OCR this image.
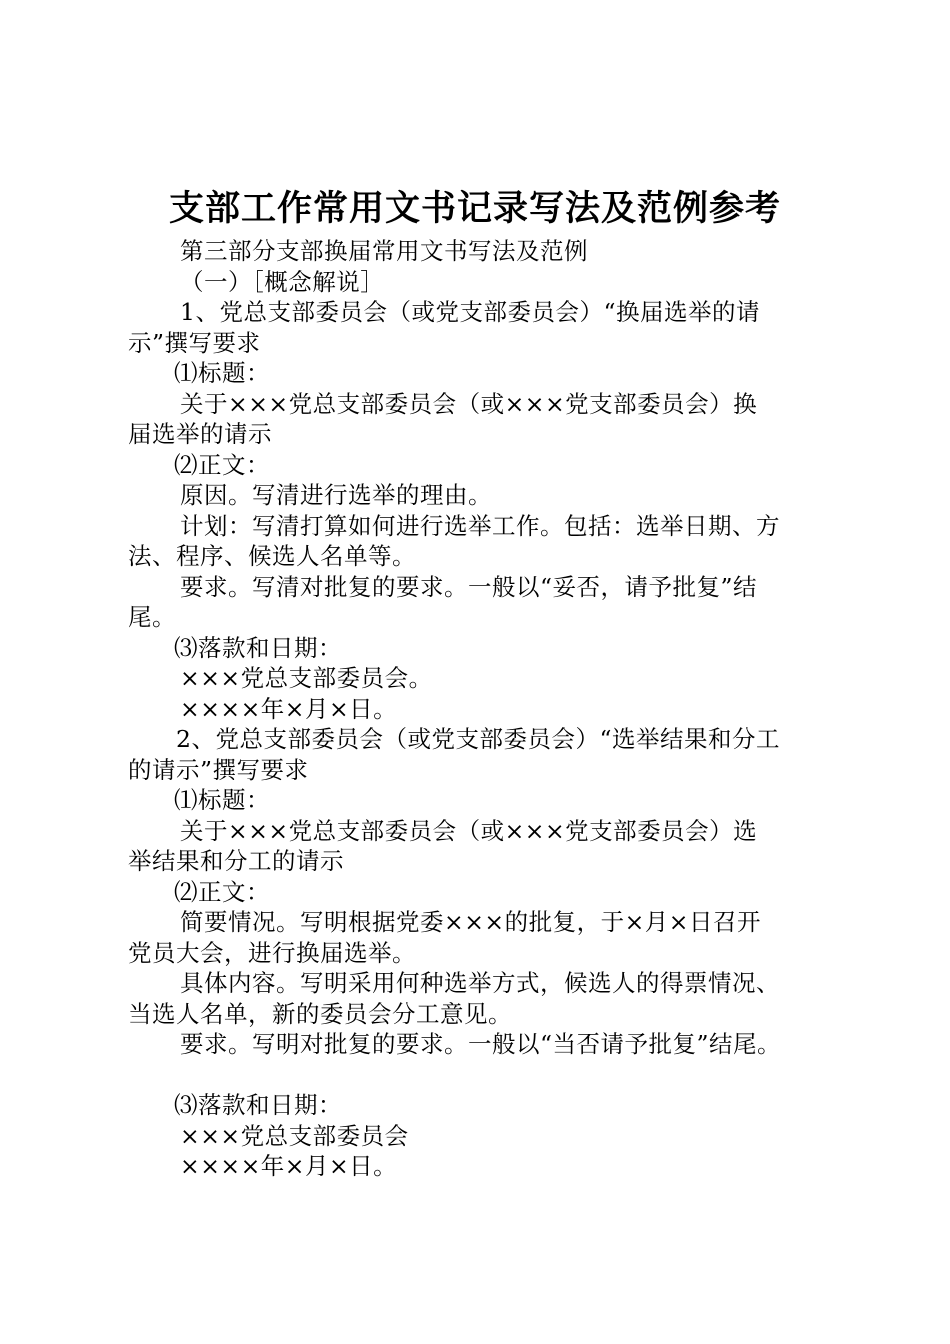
支部工作常用文书记录写法及范例参考
第三部分支部换届常用文书写法及范例
（一）［概念解说］
1、党总支部委员会（或党支部委员会）“换届选举的请
示”撰写要求
⑴标题：
关于×××党总支部委员会（或×××党支部委员会）换
届选举的请示
⑵正文：
原因。写清进行选举的理由。
计划：写清打算如何进行选举工作。包括：选举日期、方
法、程序、候选人名单等。
要求。写清对批复的要求。一般以“妥否，请予批复”结
尾。
⑶落款和日期：
×××党总支部委员会。
××××年×月×日。
2、党总支部委员会（或党支部委员会）“选举结果和分工
的请示”撰写要求
⑴标题：
关于×××党总支部委员会（或×××党支部委员会）选
举结果和分工的请示
⑵正文：
简要情况。写明根据党委×××的批复，于×月×日召开
党员大会，进行换届选举。
具体内容。写明采用何种选举方式，候选人的得票情况、
当选人名单，新的委员会分工意见。
要求。写明对批复的要求。一般以“当否请予批复”结尾。
⑶落款和日期：
×××党总支部委员会
××××年×月×日。
